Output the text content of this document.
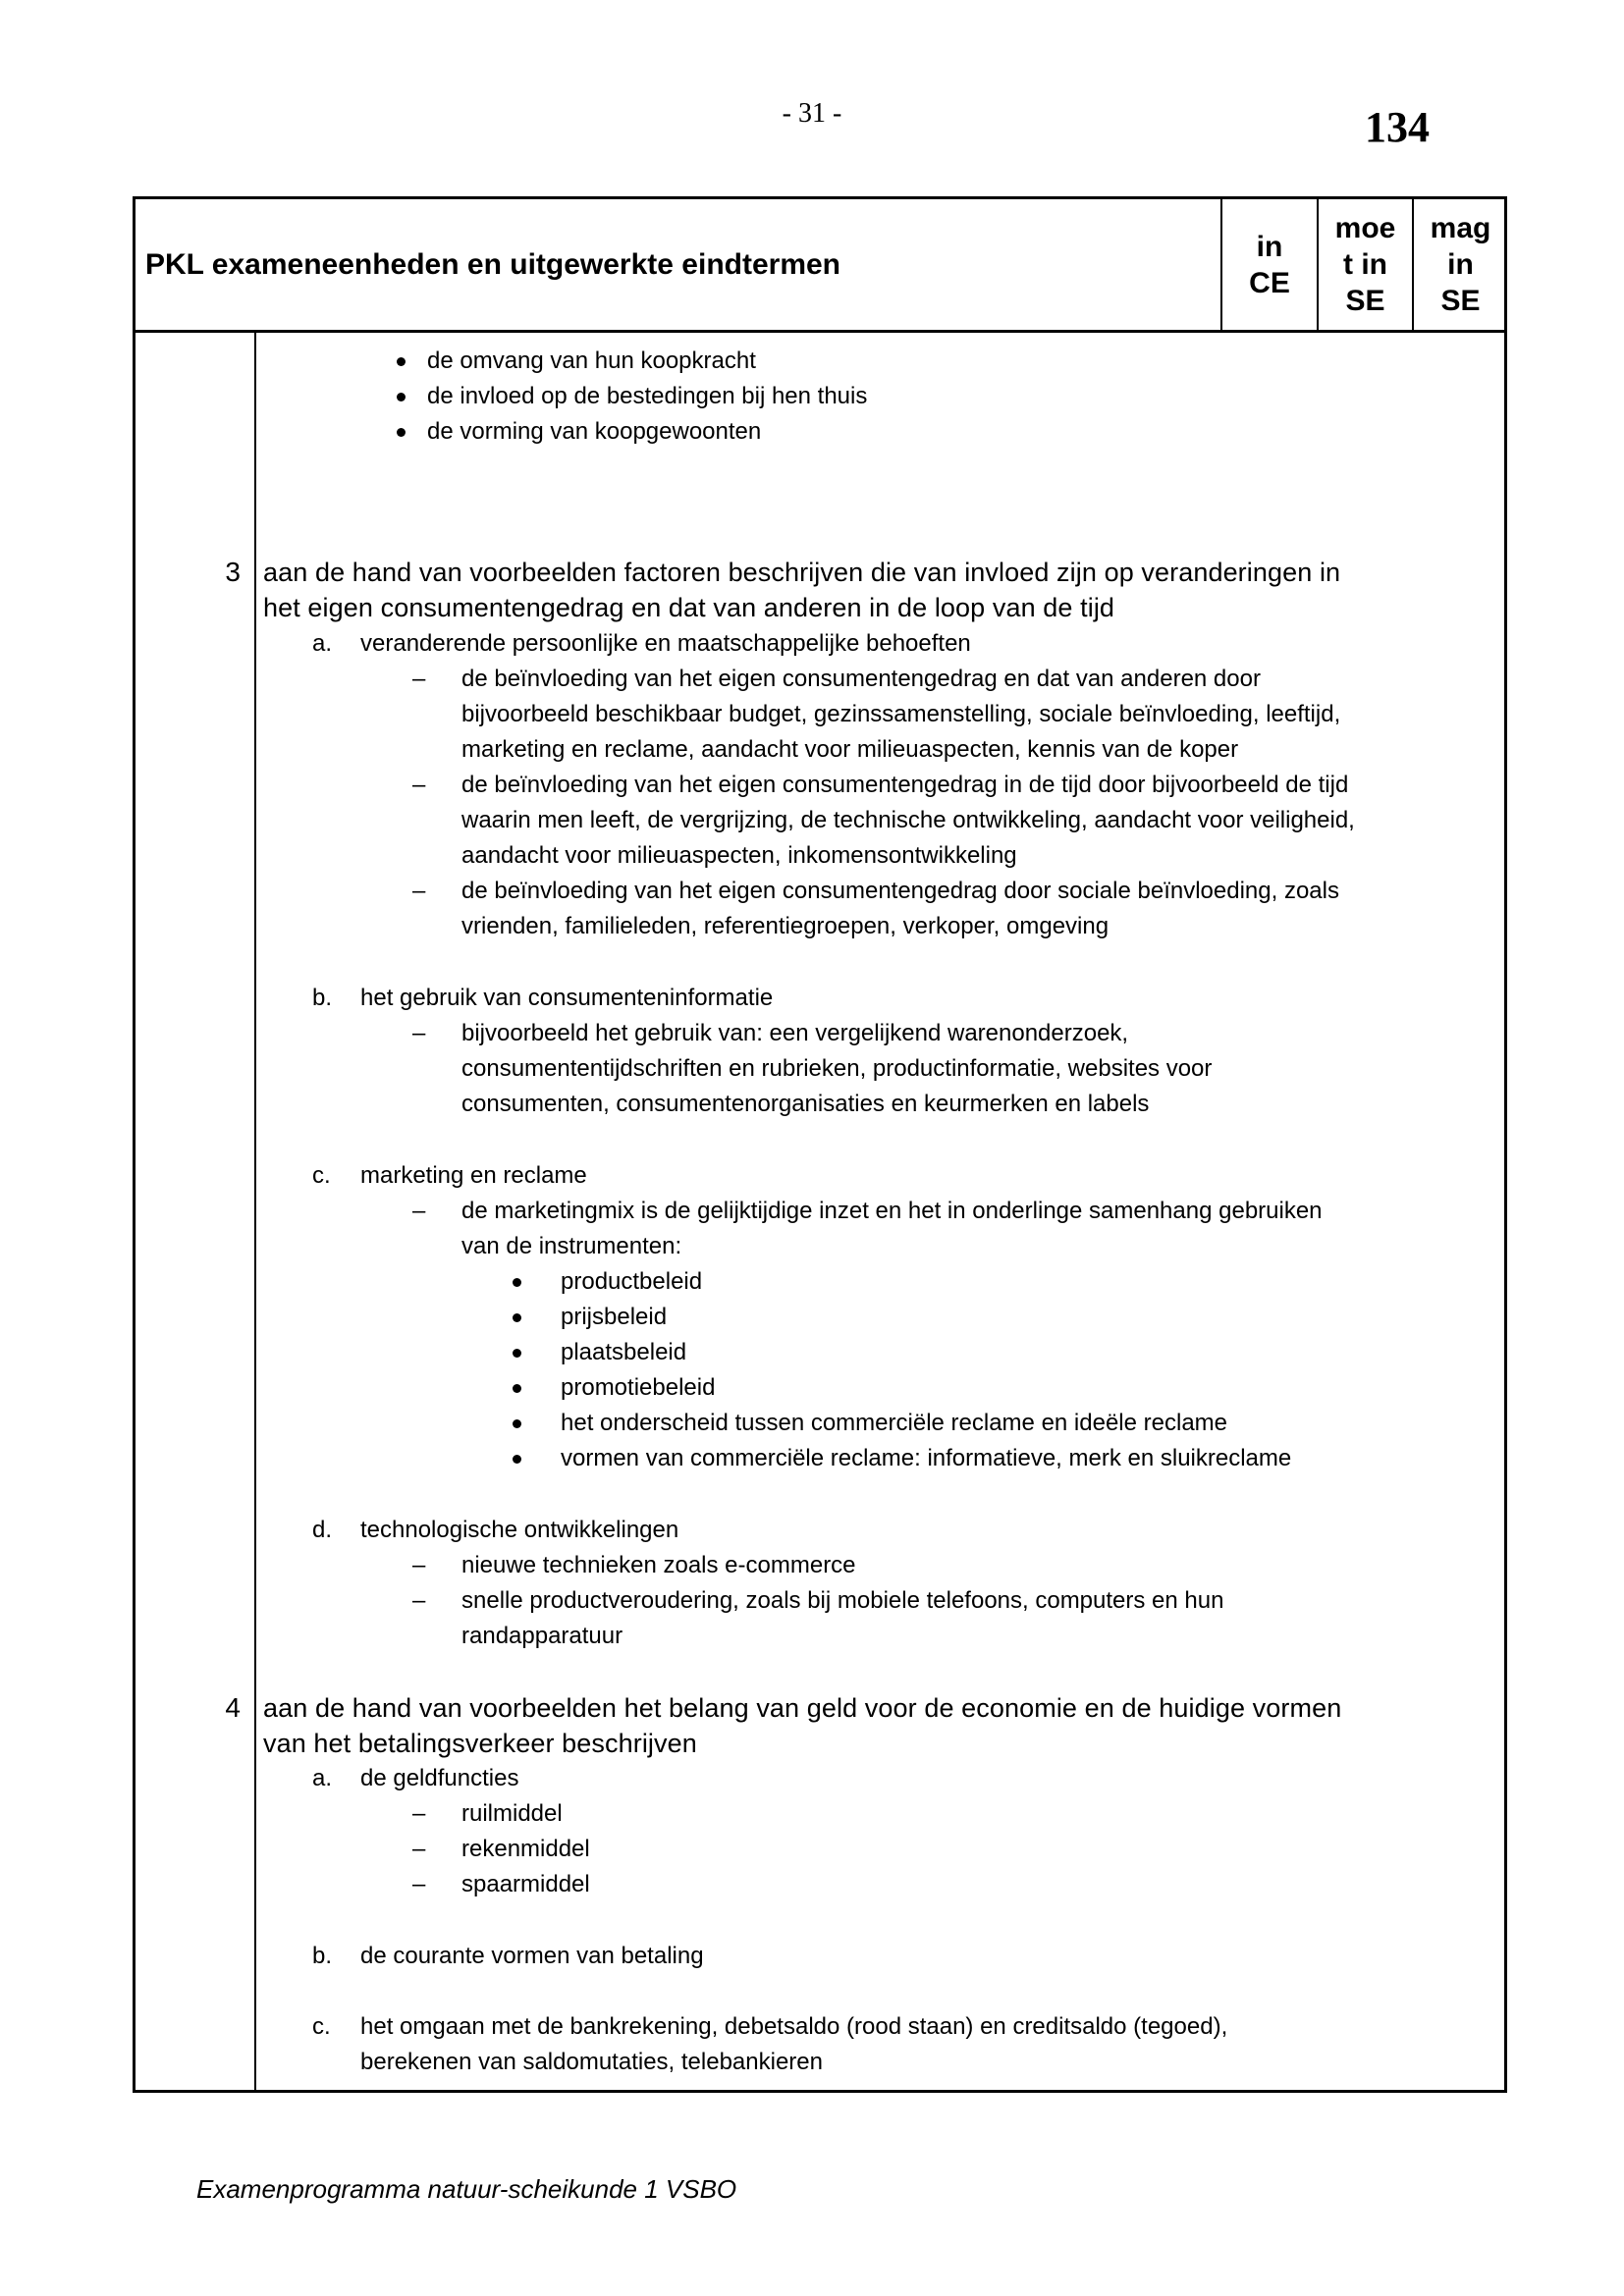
- 31 -	134
PKL exameneenheden en uitgewerkte eindtermen
in
CE
moe
t in
SE
mag
in
SE
de omvang van hun koopkracht
de invloed op de bestedingen bij hen thuis
de vorming van koopgewoonten
3 aan de hand van voorbeelden factoren beschrijven die van invloed zijn op veranderingen in
het eigen consumentengedrag en dat van anderen in de loop van de tijd
a. veranderende persoonlijke en maatschappelijke behoeften
– de beïnvloeding van het eigen consumentengedrag en dat van anderen door
bijvoorbeeld beschikbaar budget, gezinssamenstelling, sociale beïnvloeding, leeftijd,
marketing en reclame, aandacht voor milieuaspecten, kennis van de koper
– de beïnvloeding van het eigen consumentengedrag in de tijd door bijvoorbeeld de tijd
waarin men leeft, de vergrijzing, de technische ontwikkeling, aandacht voor veiligheid,
aandacht voor milieuaspecten, inkomensontwikkeling
– de beïnvloeding van het eigen consumentengedrag door sociale beïnvloeding, zoals
vrienden, familieleden, referentiegroepen, verkoper, omgeving
b. het gebruik van consumenteninformatie
– bijvoorbeeld het gebruik van: een vergelijkend warenonderzoek,
consumententijdschriften en rubrieken, productinformatie, websites voor
consumenten, consumentenorganisaties en keurmerken en labels
c. marketing en reclame
– de marketingmix is de gelijktijdige inzet en het in onderlinge samenhang gebruiken
van de instrumenten:
productbeleid
prijsbeleid
plaatsbeleid
promotiebeleid
het onderscheid tussen commerciële reclame en ideële reclame
vormen van commerciële reclame: informatieve, merk en sluikreclame
d. technologische ontwikkelingen
– nieuwe technieken zoals e-commerce
– snelle productveroudering, zoals bij mobiele telefoons, computers en hun
randapparatuur
4 aan de hand van voorbeelden het belang van geld voor de economie en de huidige vormen
van het betalingsverkeer beschrijven
a. de geldfuncties
– ruilmiddel
– rekenmiddel
– spaarmiddel
b. de courante vormen van betaling
c. het omgaan met de bankrekening, debetsaldo (rood staan) en creditsaldo (tegoed),
berekenen van saldomutaties, telebankieren
Examenprogramma natuur-scheikunde 1 VSBO
